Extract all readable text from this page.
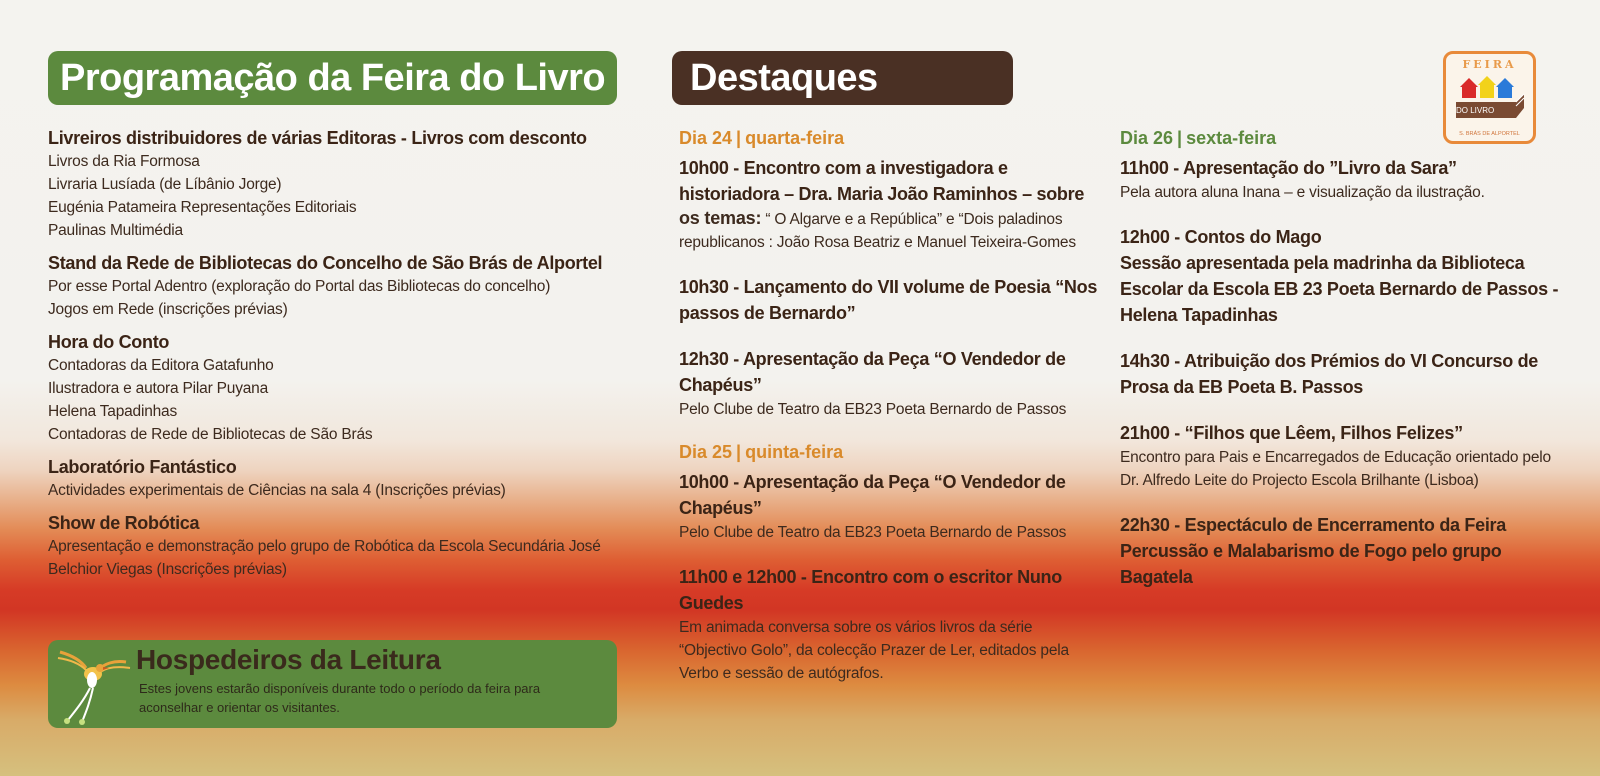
Programação da Feira do Livro
Livreiros distribuidores de várias Editoras - Livros com desconto
Livros da Ria Formosa
Livraria Lusíada (de Líbânio Jorge)
Eugénia Patameira Representações Editoriais
Paulinas Multimédia
Stand da Rede de Bibliotecas do Concelho de São Brás de Alportel
Por esse Portal Adentro (exploração do Portal das Bibliotecas do concelho)
Jogos em Rede (inscrições prévias)
Hora do Conto
Contadoras da Editora Gatafunho
Ilustradora e autora Pilar Puyana
Helena Tapadinhas
Contadoras de Rede de Bibliotecas de São Brás
Laboratório Fantástico
Actividades experimentais de Ciências na sala 4 (Inscrições prévias)
Show de Robótica
Apresentação e demonstração pelo grupo de Robótica da Escola Secundária José
Belchior Viegas (Inscrições prévias)
Hospedeiros da Leitura
Estes jovens estarão disponíveis durante todo o período da feira para aconselhar e orientar os visitantes.
Destaques
Dia 24 | quarta-feira
10h00 - Encontro com a investigadora e historiadora – Dra. Maria João Raminhos – sobre
os temas: “ O Algarve e a República” e “Dois paladinos republicanos : João Rosa Beatriz e Manuel Teixeira-Gomes
10h30 - Lançamento do VII volume de Poesia “Nos passos de Bernardo”
12h30 - Apresentação da Peça “O Vendedor de Chapéus”
Pelo Clube de Teatro da EB23 Poeta Bernardo de Passos
Dia 25 | quinta-feira
10h00 - Apresentação da Peça “O Vendedor de Chapéus”
Pelo Clube de Teatro da EB23 Poeta Bernardo de Passos
11h00 e 12h00 - Encontro com o escritor Nuno Guedes
Em animada conversa sobre os vários livros da série “Objectivo Golo”, da colecção Prazer de Ler, editados pela Verbo e sessão de autógrafos.
Dia 26 | sexta-feira
11h00 - Apresentação do ”Livro da Sara”
Pela autora aluna Inana – e visualização da ilustração.
12h00 - Contos do Mago
Sessão apresentada pela madrinha da Biblioteca Escolar da Escola EB 23 Poeta Bernardo de Passos - Helena Tapadinhas
14h30 - Atribuição dos Prémios do VI Concurso de Prosa da EB Poeta B. Passos
21h00 - “Filhos que Lêem, Filhos Felizes”
Encontro para Pais e Encarregados de Educação orientado pelo Dr. Alfredo Leite do Projecto Escola Brilhante (Lisboa)
22h30 - Espectáculo de Encerramento da Feira
Percussão e Malabarismo de Fogo pelo grupo Bagatela
FEIRA
DO LIVRO
S. BRÁS DE ALPORTEL
